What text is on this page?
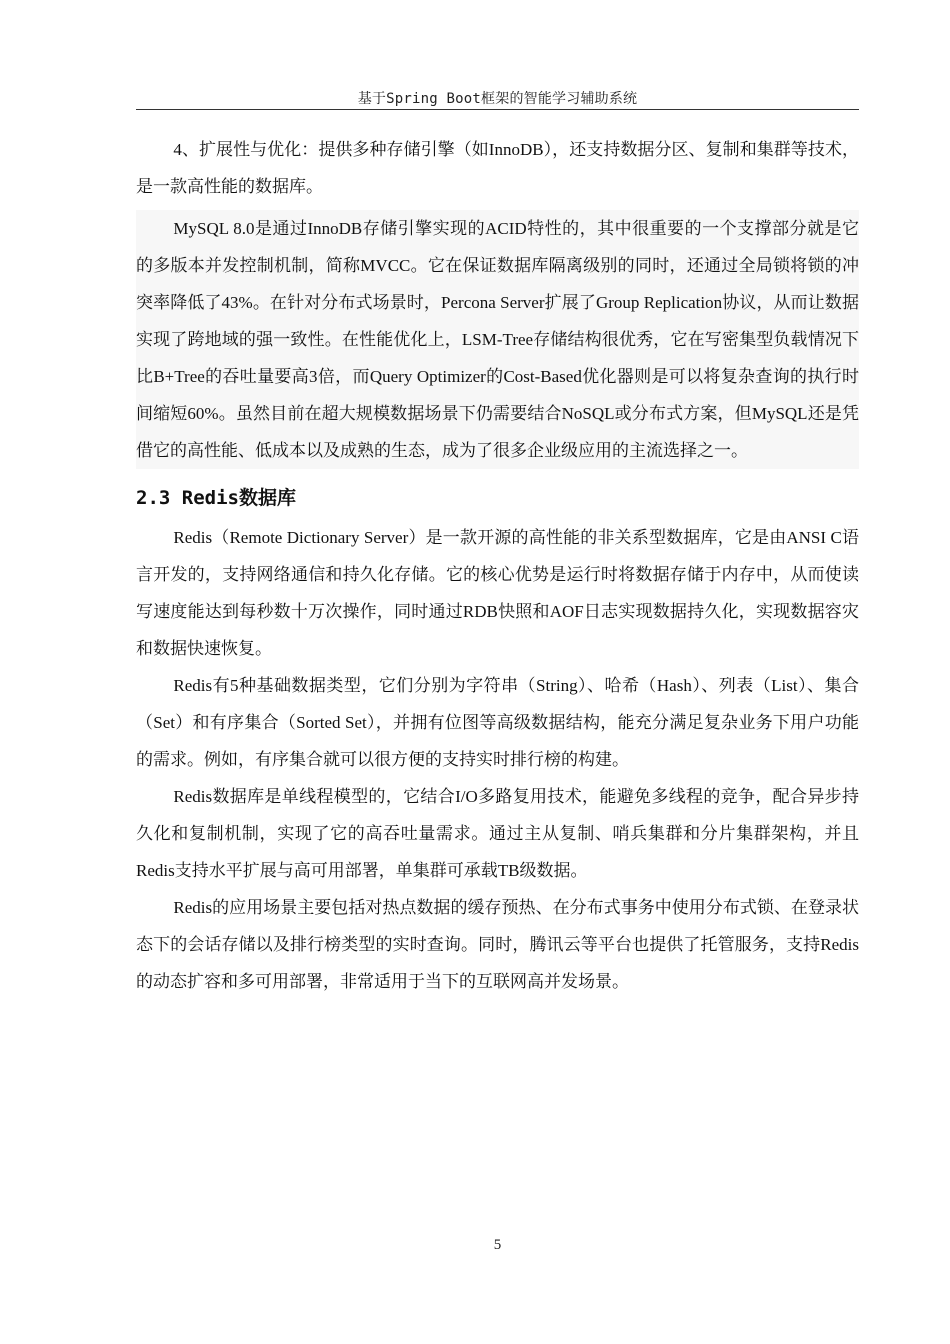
基于Spring Boot框架的智能学习辅助系统

4、扩展性与优化：提供多种存储引擎（如InnoDB），还支持数据分区、复制和集群等技术，是一款高性能的数据库。

MySQL 8.0是通过InnoDB存储引擎实现的ACID特性的，其中很重要的一个支撑部分就是它的多版本并发控制机制，简称MVCC。它在保证数据库隔离级别的同时，还通过全局锁将锁的冲突率降低了43%。在针对分布式场景时，Percona Server扩展了Group Replication协议，从而让数据实现了跨地域的强一致性。在性能优化上，LSM-Tree存储结构很优秀，它在写密集型负载情况下比B+Tree的吞吐量要高3倍，而Query Optimizer的Cost-Based优化器则是可以将复杂查询的执行时间缩短60%。虽然目前在超大规模数据场景下仍需要结合NoSQL或分布式方案，但MySQL还是凭借它的高性能、低成本以及成熟的生态，成为了很多企业级应用的主流选择之一。

2.3 Redis数据库

Redis（Remote Dictionary Server）是一款开源的高性能的非关系型数据库，它是由ANSI C语言开发的，支持网络通信和持久化存储。它的核心优势是运行时将数据存储于内存中，从而使读写速度能达到每秒数十万次操作，同时通过RDB快照和AOF日志实现数据持久化，实现数据容灾和数据快速恢复。

Redis有5种基础数据类型，它们分别为字符串（String）、哈希（Hash）、列表（List）、集合（Set）和有序集合（Sorted Set），并拥有位图等高级数据结构，能充分满足复杂业务下用户功能的需求。例如，有序集合就可以很方便的支持实时排行榜的构建。

Redis数据库是单线程模型的，它结合I/O多路复用技术，能避免多线程的竞争，配合异步持久化和复制机制，实现了它的高吞吐量需求。通过主从复制、哨兵集群和分片集群架构，并且Redis支持水平扩展与高可用部署，单集群可承载TB级数据。

Redis的应用场景主要包括对热点数据的缓存预热、在分布式事务中使用分布式锁、在登录状态下的会话存储以及排行榜类型的实时查询。同时，腾讯云等平台也提供了托管服务，支持Redis的动态扩容和多可用部署，非常适用于当下的互联网高并发场景。

5
